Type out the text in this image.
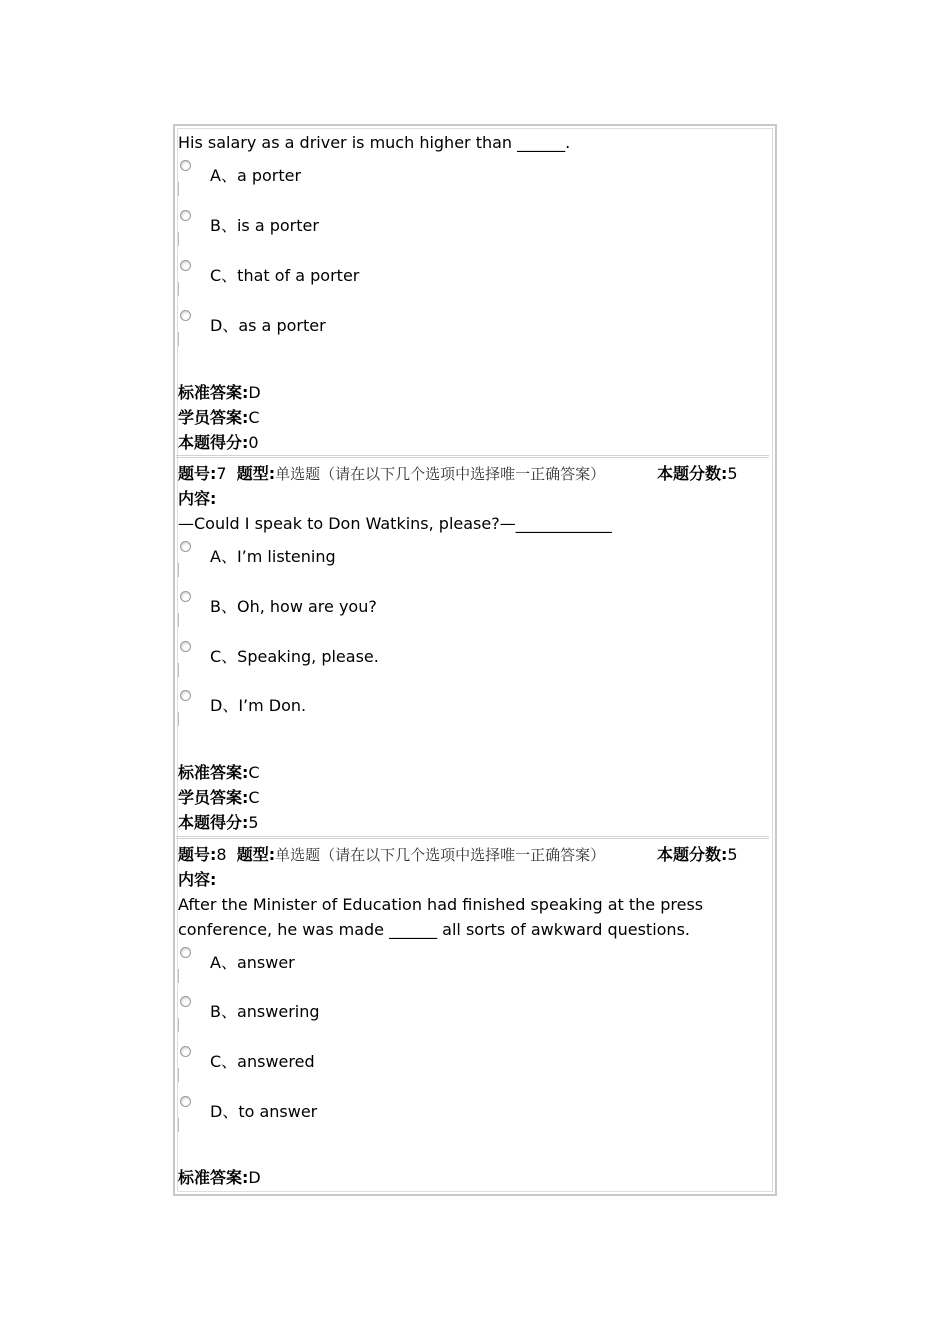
His salary as a driver is much higher than ______.
A、a porter
B、is a porter
C、that of a porter
D、as a porter
标准答案:D
学员答案:C
本题得分:0
题号:7 题型:单选题（请在以下几个选项中选择唯一正确答案）	本题分数:5
内容:
—Could I speak to Don Watkins, please?—____________
A、I’m listening
B、Oh, how are you?
C、Speaking, please.
D、I’m Don.
标准答案:C
学员答案:C
本题得分:5
题号:8 题型:单选题（请在以下几个选项中选择唯一正确答案）	本题分数:5
内容:
After the Minister of Education had finished speaking at the press
conference, he was made ______ all sorts of awkward questions.
A、answer
B、answering
C、answered
D、to answer
标准答案:D
